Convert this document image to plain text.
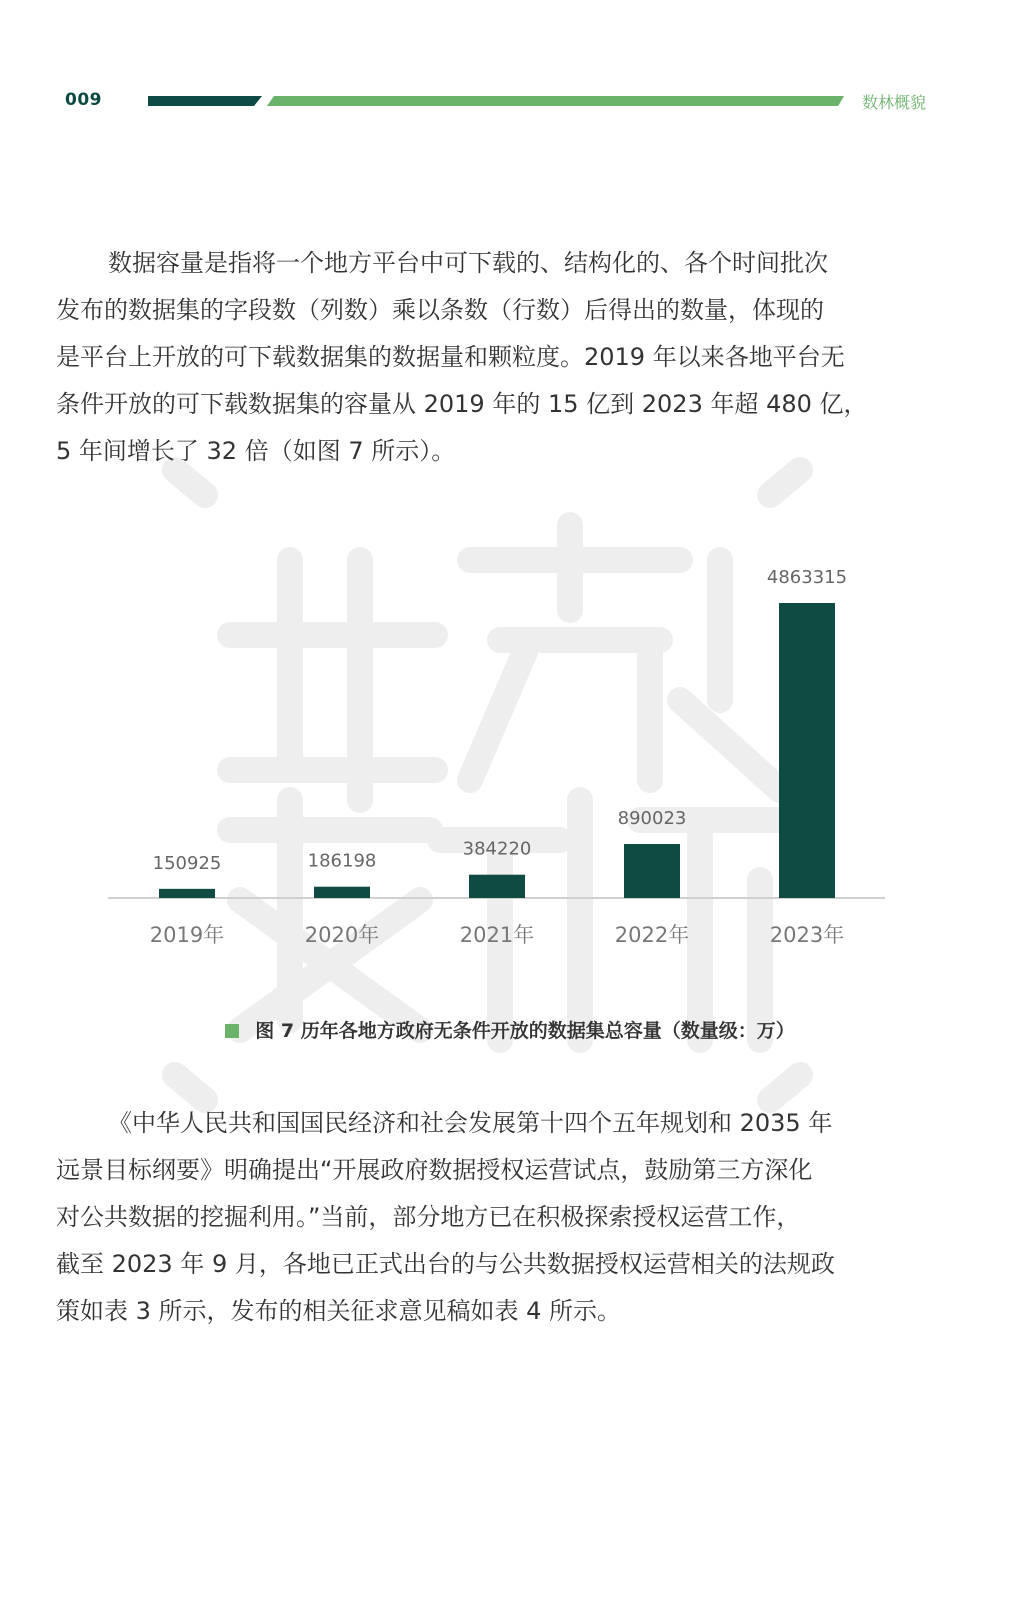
009	数林概貌

数据容量是指将一个地方平台中可下载的、结构化的、各个时间批次
发布的数据集的字段数（列数）乘以条数（行数）后得出的数量，体现的
是平台上开放的可下载数据集的数据量和颗粒度。2019 年以来各地平台无
条件开放的可下载数据集的容量从 2019 年的 15 亿到 2023 年超 480 亿，
5 年间增长了 32 倍（如图 7 所示）。

150925
2019年
186198
2020年
384220
2021年
890023
2022年
4863315
2023年
图 7 历年各地方政府无条件开放的数据集总容量（数量级：万）

《中华人民共和国国民经济和社会发展第十四个五年规划和 2035 年
远景目标纲要》明确提出“开展政府数据授权运营试点，鼓励第三方深化
对公共数据的挖掘利用。”当前，部分地方已在积极探索授权运营工作，
截至 2023 年 9 月，各地已正式出台的与公共数据授权运营相关的法规政
策如表 3 所示，发布的相关征求意见稿如表 4 所示。
